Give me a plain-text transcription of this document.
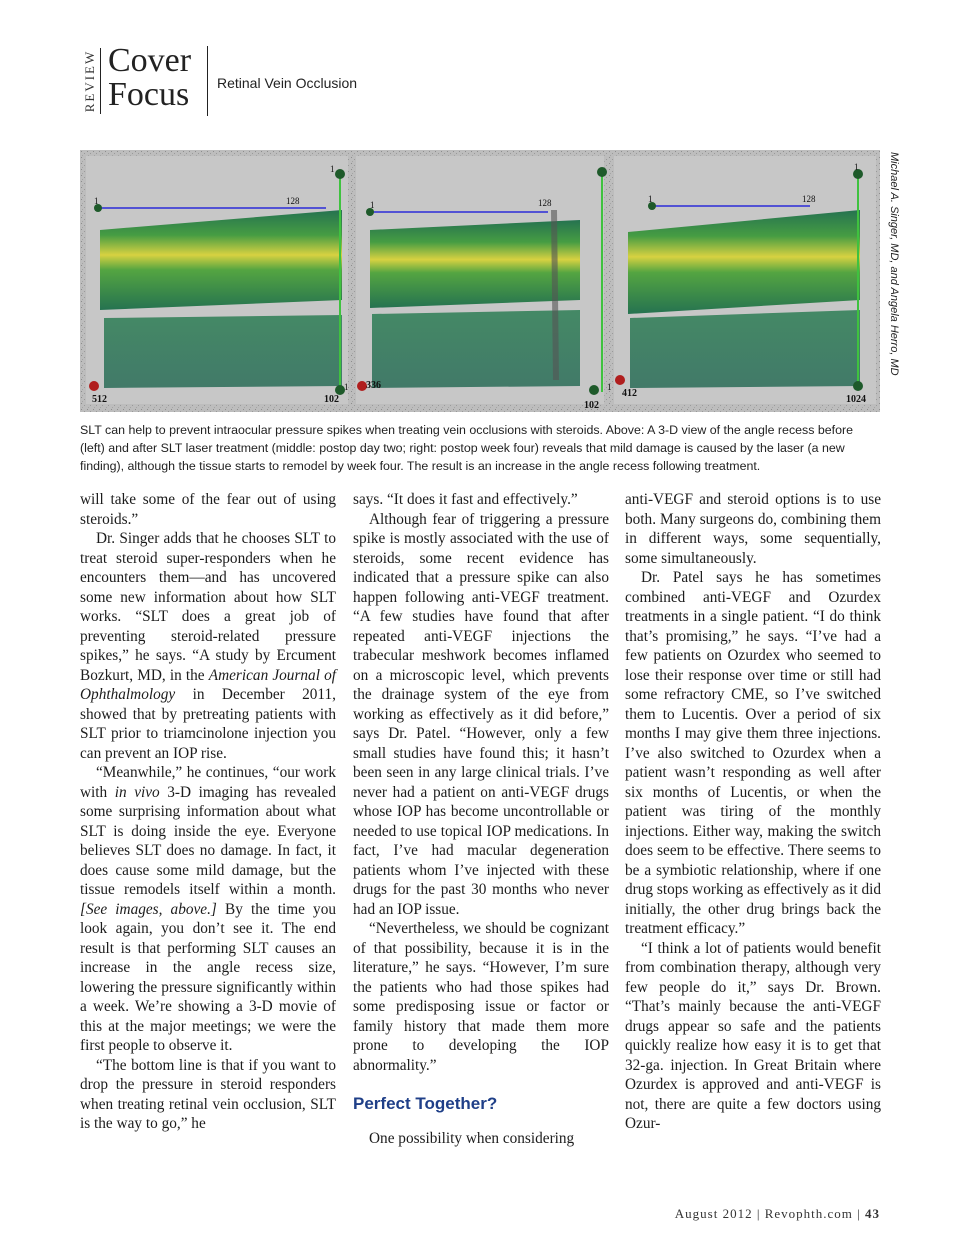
REVIEW Cover
Focus Retinal Vein Occlusion
1	128
1
512	102
1
1	128
336
102
1
1	128
1
412
1024
Michael A. Singer, MD, and Angela Herro, MD
SLT can help to prevent intraocular pressure spikes when treating vein occlusions with steroids. Above: A 3-D view of the angle recess before (left) and after SLT laser treatment (middle: postop day two; right: postop week four) reveals that mild damage is caused by the laser (a new finding), although the tissue starts to remodel by week four. The result is an increase in the angle recess following treatment.

will take some of the fear out of using steroids.”

Dr. Singer adds that he chooses SLT to treat steroid super-responders when he encounters them—and has uncovered some new information about how SLT works. “SLT does a great job of preventing steroid-related pressure spikes,” he says. “A study by Ercument Bozkurt, MD, in the American Journal of Ophthalmology in December 2011, showed that by pretreating patients with SLT prior to triamcinolone injection you can prevent an IOP rise.

“Meanwhile,” he continues, “our work with in vivo 3-D imaging has revealed some surprising information about what SLT is doing inside the eye. Everyone believes SLT does no damage. In fact, it does cause some mild damage, but the tissue remodels itself within a month. [See images, above.] By the time you look again, you don’t see it. The end result is that performing SLT causes an increase in the angle recess size, lowering the pressure significantly within a week. We’re showing a 3-D movie of this at the major meetings; we were the first people to observe it.

“The bottom line is that if you want to drop the pressure in steroid responders when treating retinal vein occlusion, SLT is the way to go,” he

says. “It does it fast and effectively.”

Although fear of triggering a pressure spike is mostly associated with the use of steroids, some recent evidence has indicated that a pressure spike can also happen following anti-VEGF treatment. “A few studies have found that after repeated anti-VEGF injections the trabecular meshwork becomes inflamed on a microscopic level, which prevents the drainage system of the eye from working as effectively as it did before,” says Dr. Patel. “However, only a few small studies have found this; it hasn’t been seen in any large clinical trials. I’ve never had a patient on anti-VEGF drugs whose IOP has become uncontrollable or needed to use topical IOP medications. In fact, I’ve had macular degeneration patients whom I’ve injected with these drugs for the past 30 months who never had an IOP issue.

“Nevertheless, we should be cognizant of that possibility, because it is in the literature,” he says. “However, I’m sure the patients who had those spikes had some predisposing issue or factor or family history that made them more prone to developing the IOP abnormality.”

Perfect Together?

One possibility when considering

anti-VEGF and steroid options is to use both. Many surgeons do, combining them in different ways, some sequentially, some simultaneously.

Dr. Patel says he has sometimes combined anti-VEGF and Ozurdex treatments in a single patient. “I do think that’s promising,” he says. “I’ve had a few patients on Ozurdex who seemed to lose their response over time or still had some refractory CME, so I’ve switched them to Lucentis. Over a period of six months I may give them three injections. I’ve also switched to Ozurdex when a patient wasn’t responding as well after six months of Lucentis, or when the patient was tiring of the monthly injections. Either way, making the switch does seem to be effective. There seems to be a symbiotic relationship, where if one drug stops working as effectively as it did initially, the other drug brings back the treatment efficacy.”

“I think a lot of patients would benefit from combination therapy, although very few people do it,” says Dr. Brown. “That’s mainly because the anti-VEGF drugs appear so safe and the patients quickly realize how easy it is to get that 32-ga. injection. In Great Britain where Ozurdex is approved and anti-VEGF is not, there are quite a few doctors using Ozur-

August 2012 | Revophth.com | 43
